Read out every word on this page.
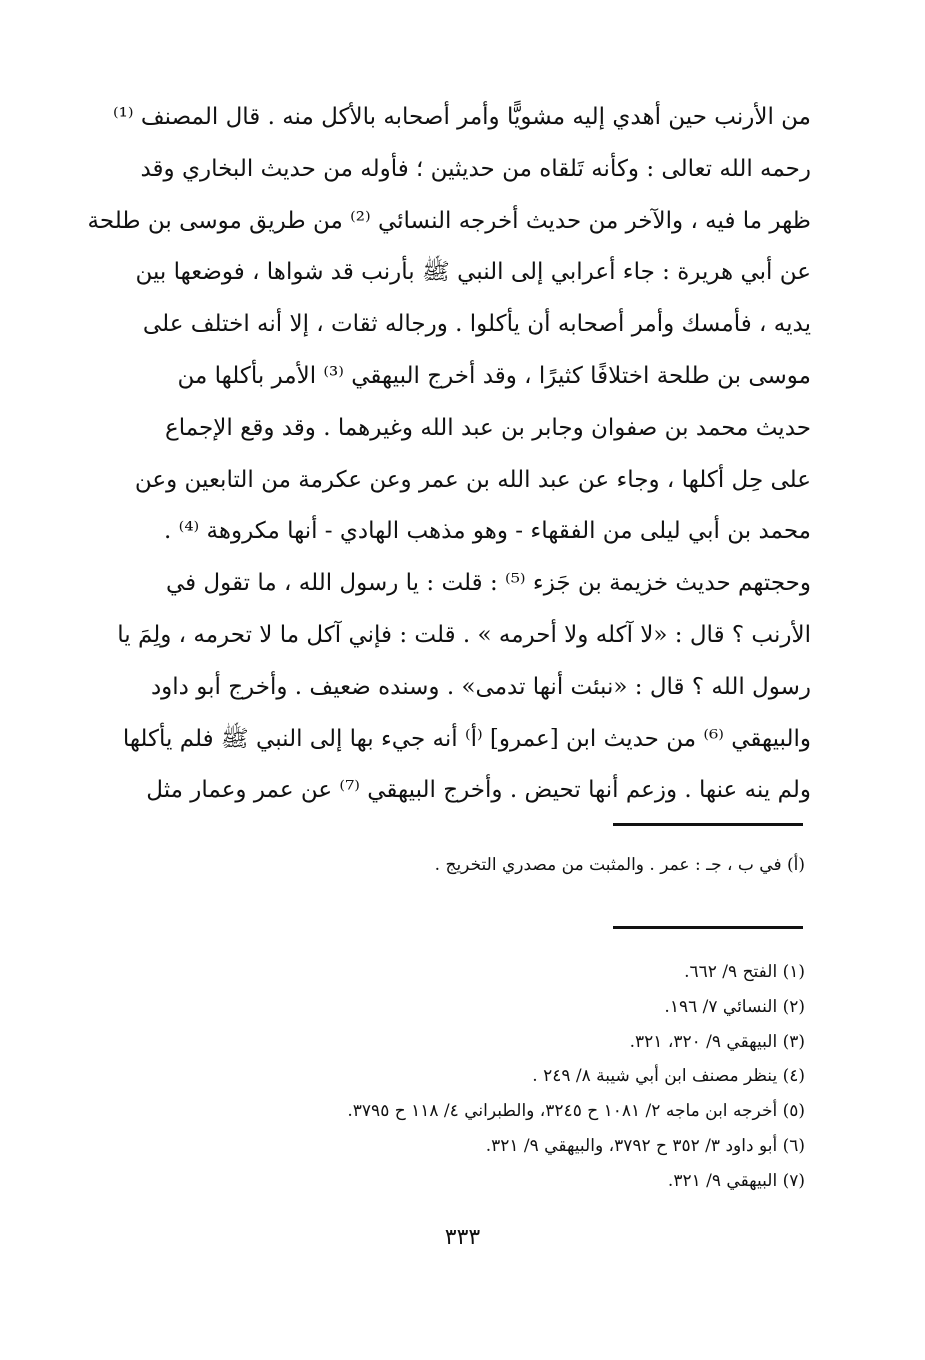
من الأرنب حين أهدي إليه مشويًّا وأمر أصحابه بالأكل منه . قال المصنف ⁽¹⁾
رحمه الله تعالى : وكأنه تَلقاه من حديثين ؛ فأوله من حديث البخاري وقد
ظهر ما فيه ، والآخر من حديث أخرجه النسائي ⁽²⁾ من طريق موسى بن طلحة
عن أبي هريرة : جاء أعرابي إلى النبي ﷺ بأرنب قد شواها ، فوضعها بين
يديه ، فأمسك وأمر أصحابه أن يأكلوا . ورجاله ثقات ، إلا أنه اختلف على
موسى بن طلحة اختلافًا كثيرًا ، وقد أخرج البيهقي ⁽³⁾ الأمر بأكلها من
حديث محمد بن صفوان وجابر بن عبد الله وغيرهما . وقد وقع الإجماع
على حِل أكلها ، وجاء عن عبد الله بن عمر وعن عكرمة من التابعين وعن
محمد بن أبي ليلى من الفقهاء - وهو مذهب الهادي - أنها مكروهة ⁽⁴⁾ .
وحجتهم حديث خزيمة بن جَزء ⁽⁵⁾ : قلت : يا رسول الله ، ما تقول في
الأرنب ؟ قال : «لا آكله ولا أحرمه » . قلت : فإني آكل ما لا تحرمه ، ولِمَ يا
رسول الله ؟ قال : «نبئت أنها تدمى» . وسنده ضعيف . وأخرج أبو داود
والبيهقي ⁽⁶⁾ من حديث ابن [عمرو] ⁽أ⁾ أنه جيء بها إلى النبي ﷺ فلم يأكلها
ولم ينه عنها . وزعم أنها تحيض . وأخرج البيهقي ⁽⁷⁾ عن عمر وعمار مثل
(أ) في ب ، جـ : عمر . والمثبت من مصدري التخريج .
(١) الفتح ٩/ ٦٦٢.
(٢) النسائي ٧/ ١٩٦.
(٣) البيهقي ٩/ ٣٢٠، ٣٢١.
(٤) ينظر مصنف ابن أبي شيبة ٨/ ٢٤٩ .
(٥) أخرجه ابن ماجه ٢/ ١٠٨١ ح ٣٢٤٥، والطبراني ٤/ ١١٨ ح ٣٧٩٥.
(٦) أبو داود ٣/ ٣٥٢ ح ٣٧٩٢، والبيهقي ٩/ ٣٢١.
(٧) البيهقي ٩/ ٣٢١.
٣٣٣
